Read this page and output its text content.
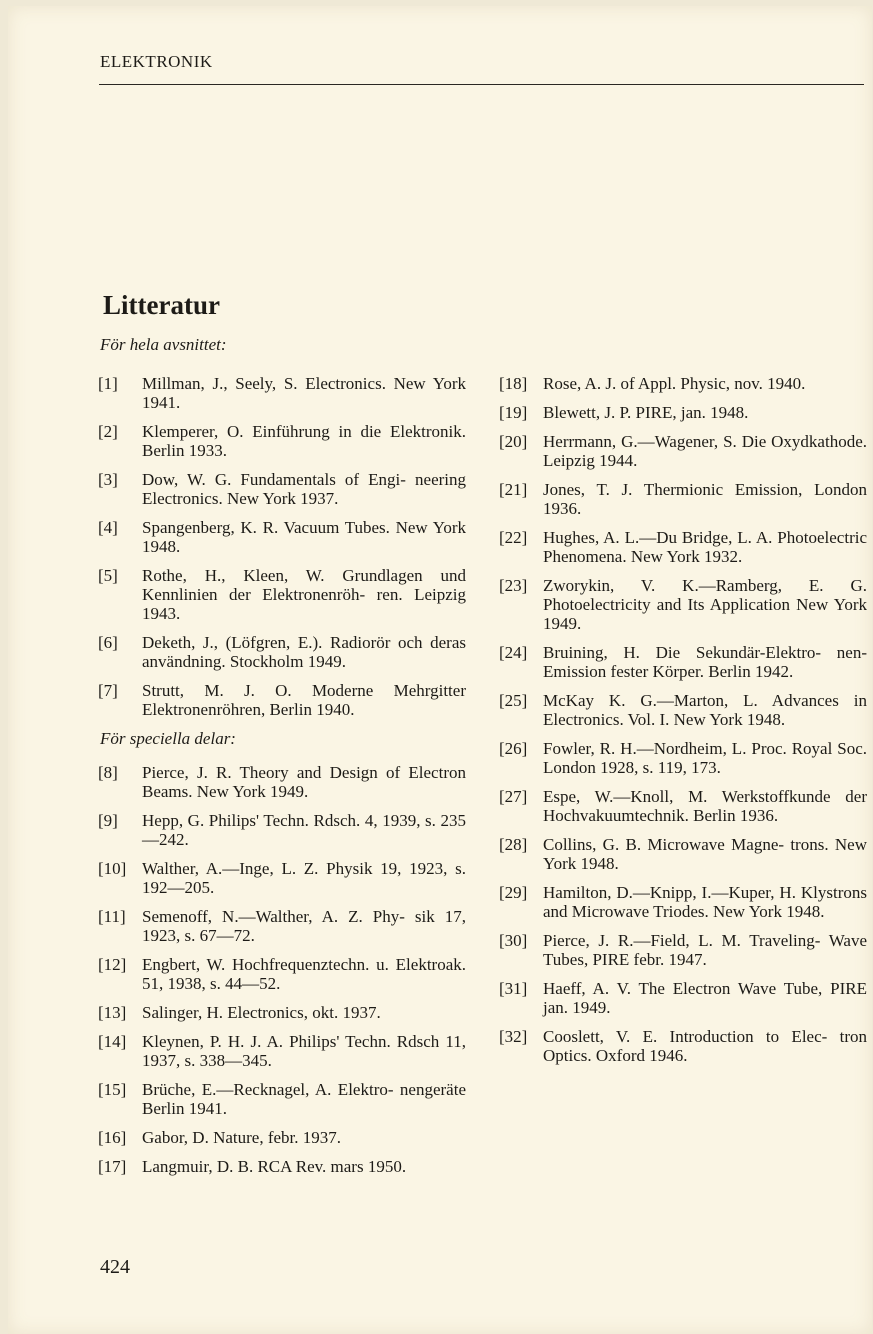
ELEKTRONIK
Litteratur
För hela avsnittet:
[1]	Millman, J., Seely, S. Electronics. New York 1941.
[2]	Klemperer, O. Einführung in die Elektronik. Berlin 1933.
[3]	Dow, W. G. Fundamentals of Engi- neering Electronics. New York 1937.
[4]	Spangenberg, K. R. Vacuum Tubes. New York 1948.
[5]	Rothe, H., Kleen, W. Grundlagen und Kennlinien der Elektronenröh- ren. Leipzig 1943.
[6]	Deketh, J., (Löfgren, E.). Radiorör och deras användning. Stockholm 1949.
[7]	Strutt, M. J. O. Moderne Mehrgitter Elektronenröhren, Berlin 1940.
För speciella delar:
[8]	Pierce, J. R. Theory and Design of Electron Beams. New York 1949.
[9]	Hepp, G. Philips' Techn. Rdsch. 4, 1939, s. 235—242.
[10] Walther, A.—Inge, L. Z. Physik 19, 1923, s. 192—205.
[11] Semenoff, N.—Walther, A. Z. Phy- sik 17, 1923, s. 67—72.
[12] Engbert, W. Hochfrequenztechn. u. Elektroak. 51, 1938, s. 44—52.
[13] Salinger, H. Electronics, okt. 1937.
[14] Kleynen, P. H. J. A. Philips' Techn. Rdsch 11, 1937, s. 338—345.
[15] Brüche, E.—Recknagel, A. Elektro- nengeräte Berlin 1941.
[16] Gabor, D. Nature, febr. 1937.
[17] Langmuir, D. B. RCA Rev. mars 1950.
[18] Rose, A. J. of Appl. Physic, nov. 1940.
[19] Blewett, J. P. PIRE, jan. 1948.
[20] Herrmann, G.—Wagener, S. Die Oxydkathode. Leipzig 1944.
[21] Jones, T. J. Thermionic Emission, London 1936.
[22] Hughes, A. L.—Du Bridge, L. A. Photoelectric Phenomena. New York 1932.
[23] Zworykin, V. K.—Ramberg, E. G. Photoelectricity and Its Application New York 1949.
[24] Bruining, H. Die Sekundär-Elektro- nen-Emission fester Körper. Berlin 1942.
[25] McKay K. G.—Marton, L. Advances in Electronics. Vol. I. New York 1948.
[26] Fowler, R. H.—Nordheim, L. Proc. Royal Soc. London 1928, s. 119, 173.
[27] Espe, W.—Knoll, M. Werkstoffkunde der Hochvakuumtechnik. Berlin 1936.
[28] Collins, G. B. Microwave Magne- trons. New York 1948.
[29] Hamilton, D.—Knipp, I.—Kuper, H. Klystrons and Microwave Triodes. New York 1948.
[30] Pierce, J. R.—Field, L. M. Traveling- Wave Tubes, PIRE febr. 1947.
[31] Haeff, A. V. The Electron Wave Tube, PIRE jan. 1949.
[32] Cooslett, V. E. Introduction to Elec- tron Optics. Oxford 1946.
424
